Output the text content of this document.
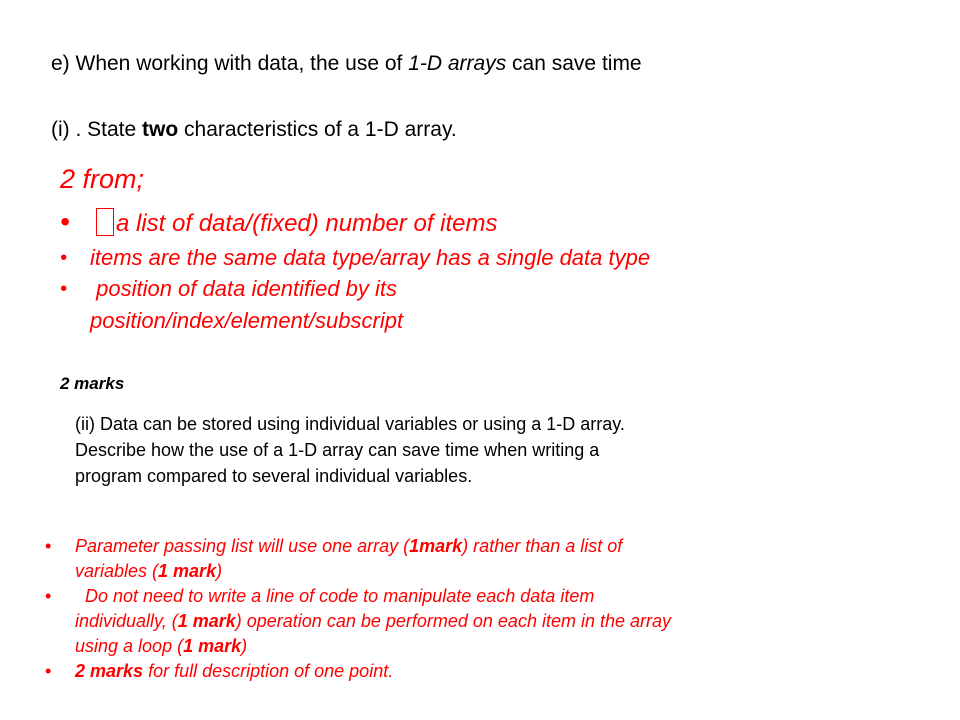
e) When working with data, the use of 1-D arrays can save time
(i) . State two characteristics of a 1-D array.
2 from;
• a list of data/(fixed) number of items
• items are the same data type/array has a single data type
• position of data identified by its
position/index/element/subscript
2 marks
(ii) Data can be stored using individual variables or using a 1-D array.
Describe how the use of a 1-D array can save time when writing a
program compared to several individual variables.
• Parameter passing list will use one array (1mark) rather than a list of
variables (1 mark)
• Do not need to write a line of code to manipulate each data item
individually, (1 mark) operation can be performed on each item in the array
using a loop (1 mark)
• 2 marks for full description of one point.
